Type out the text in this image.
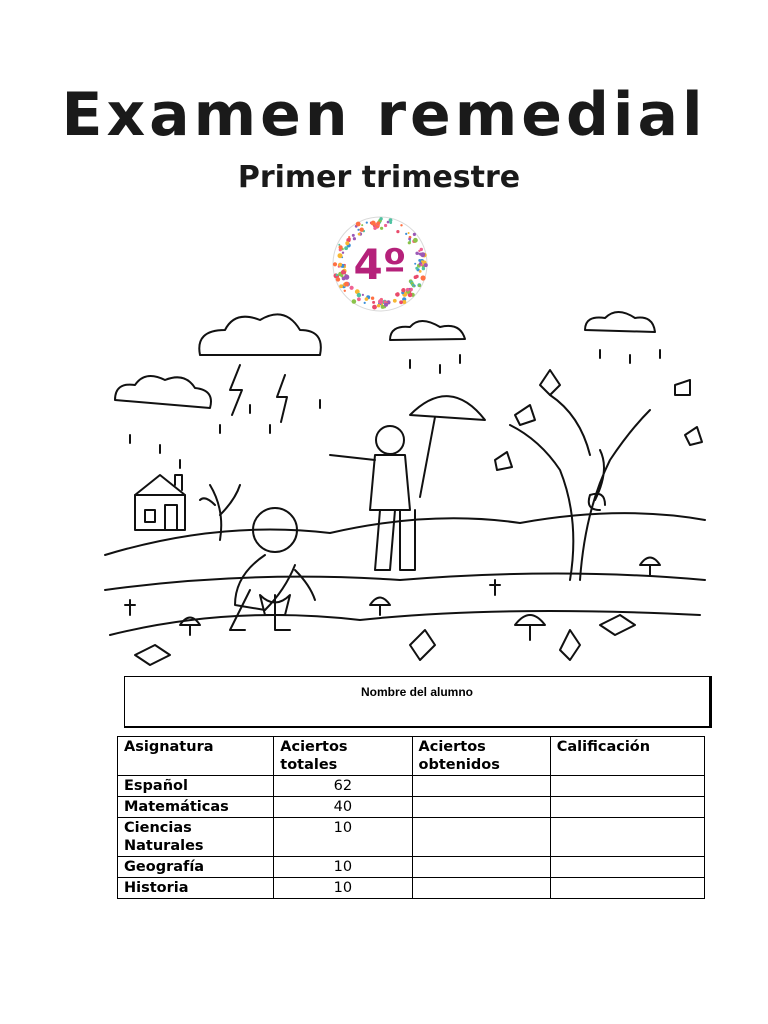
Examen remedial
Primer trimestre
4º
Nombre del alumno
Asignatura	Aciertos totales	Aciertos obtenidos	Calificación
Español	62		
Matemáticas	40		
Ciencias Naturales	10		
Geografía	10		
Historia	10		
